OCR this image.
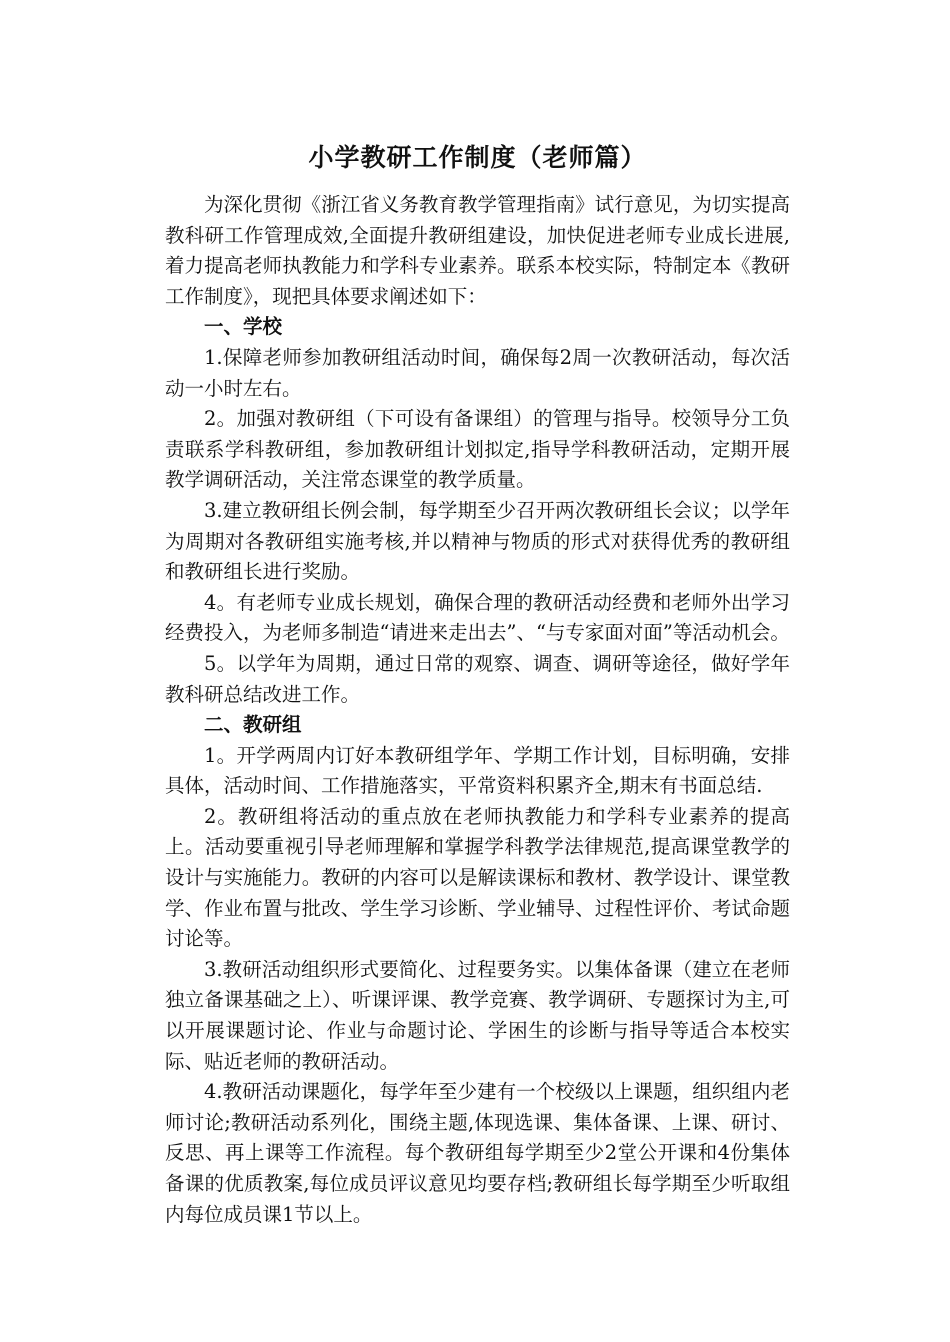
小学教研工作制度（老师篇）

为深化贯彻《浙江省义务教育教学管理指南》试行意见，为切实提高教科研工作管理成效,全面提升教研组建设，加快促进老师专业成长进展,着力提高老师执教能力和学科专业素养。联系本校实际，特制定本《教研工作制度》，现把具体要求阐述如下：

一、学校

1.保障老师参加教研组活动时间，确保每2周一次教研活动，每次活动一小时左右。

2。加强对教研组（下可设有备课组）的管理与指导。校领导分工负责联系学科教研组，参加教研组计划拟定,指导学科教研活动，定期开展教学调研活动，关注常态课堂的教学质量。

3.建立教研组长例会制，每学期至少召开两次教研组长会议；以学年为周期对各教研组实施考核,并以精神与物质的形式对获得优秀的教研组和教研组长进行奖励。

4。有老师专业成长规划，确保合理的教研活动经费和老师外出学习经费投入，为老师多制造“请进来走出去”、“与专家面对面”等活动机会。

5。以学年为周期，通过日常的观察、调查、调研等途径，做好学年教科研总结改进工作。

二、教研组

1。开学两周内订好本教研组学年、学期工作计划，目标明确，安排具体，活动时间、工作措施落实，平常资料积累齐全,期末有书面总结.

2。教研组将活动的重点放在老师执教能力和学科专业素养的提高上。活动要重视引导老师理解和掌握学科教学法律规范,提高课堂教学的设计与实施能力。教研的内容可以是解读课标和教材、教学设计、课堂教学、作业布置与批改、学生学习诊断、学业辅导、过程性评价、考试命题讨论等。

3.教研活动组织形式要简化、过程要务实。以集体备课（建立在老师独立备课基础之上）、听课评课、教学竞赛、教学调研、专题探讨为主,可以开展课题讨论、作业与命题讨论、学困生的诊断与指导等适合本校实际、贴近老师的教研活动。

4.教研活动课题化，每学年至少建有一个校级以上课题，组织组内老师讨论;教研活动系列化，围绕主题,体现选课、集体备课、上课、研讨、反思、再上课等工作流程。每个教研组每学期至少2堂公开课和4份集体备课的优质教案,每位成员评议意见均要存档;教研组长每学期至少听取组内每位成员课1节以上。
